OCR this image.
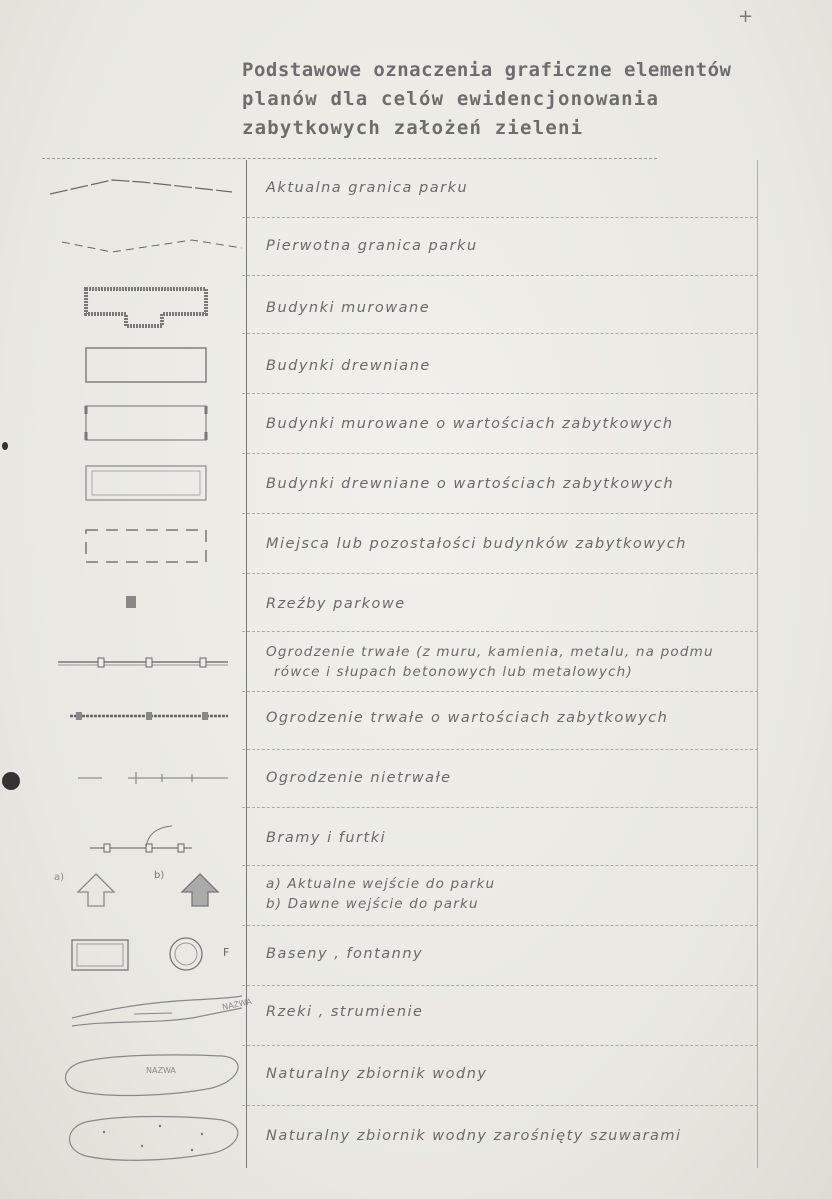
+
Podstawowe oznaczenia graficzne elementów
planów dla celów ewidencjonowania
zabytkowych założeń zieleni
Aktualna granica parku
Pierwotna granica parku
Budynki murowane
Budynki drewniane
Budynki murowane o wartościach zabytkowych
Budynki drewniane o wartościach zabytkowych
Miejsca lub pozostałości budynków zabytkowych
Rzeźby parkowe
Ogrodzenie trwałe (z muru, kamienia, metalu, na podmu
rówce i słupach betonowych lub metalowych)
Ogrodzenie trwałe o wartościach zabytkowych
Ogrodzenie nietrwałe
Bramy i furtki
a)	b)
a) Aktualne wejście do parku
b) Dawne wejście do parku
F	Baseny , fontanny
NAZWA Rzeki , strumienie
NAZWA	Naturalny zbiornik wodny
Naturalny zbiornik wodny zarośnięty szuwarami
